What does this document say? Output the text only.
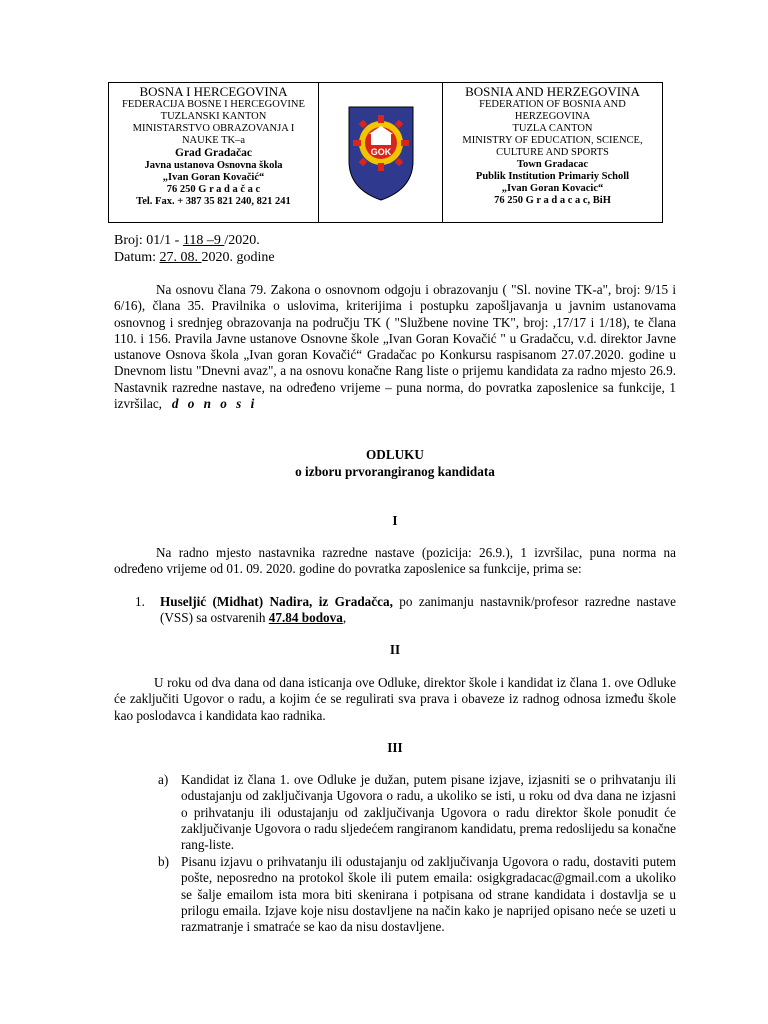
BOSNA I HERCEGOVINA
FEDERACIJA BOSNE I HERCEGOVINE
TUZLANSKI KANTON
MINISTARSTVO OBRAZOVANJA I
NAUKE TK–a
Grad Gradačac
Javna ustanova Osnovna škola
„Ivan Goran Kovačić“
76 250 G r a d a č a c
Tel. Fax. + 387 35 821 240, 821 241
GOK
BOSNIA AND HERZEGOVINA
FEDERATION OF BOSNIA AND
HERZEGOVINA
TUZLA CANTON
MINISTRY OF EDUCATION, SCIENCE,
CULTURE AND SPORTS
Town Gradacac
Publik Institution Primariy Scholl
„Ivan Goran Kovacic“
76 250 G r a d a c a c, BiH
Broj: 01/1 - 118 –9 /2020.
Datum: 27. 08. 2020. godine
Na osnovu člana 79. Zakona o osnovnom odgoju i obrazovanju ( "Sl. novine TK-a", broj: 9/15 i 6/16), člana 35. Pravilnika o uslovima, kriterijima i postupku zapošljavanja u javnim ustanovama osnovnog i srednjeg obrazovanja na području TK ( "Službene novine TK", broj: ,17/17 i 1/18), te člana 110. i 156. Pravila Javne ustanove Osnovne škole „Ivan Goran Kovačić " u Gradačcu, v.d. direktor Javne ustanove Osnova škola „Ivan goran Kovačić“ Gradačac po Konkursu raspisanom 27.07.2020. godine u Dnevnom listu "Dnevni avaz", a na osnovu konačne Rang liste o prijemu kandidata za radno mjesto 26.9. Nastavnik razredne nastave, na određeno vrijeme – puna norma, do povratka zaposlenice sa funkcije, 1 izvršilac, d o n o s i
ODLUKU
o izboru prvorangiranog kandidata
I
Na radno mjesto nastavnika razredne nastave (pozicija: 26.9.), 1 izvršilac, puna norma na određeno vrijeme od 01. 09. 2020. godine do povratka zaposlenice sa funkcije, prima se:
1. Huseljić (Midhat) Nadira, iz Gradačca, po zanimanju nastavnik/profesor razredne nastave (VSS) sa ostvarenih 47.84 bodova,
II
U roku od dva dana od dana isticanja ove Odluke, direktor škole i kandidat iz člana 1. ove Odluke će zaključiti Ugovor o radu, a kojim će se regulirati sva prava i obaveze iz radnog odnosa između škole kao poslodavca i kandidata kao radnika.
III
a) Kandidat iz člana 1. ove Odluke je dužan, putem pisane izjave, izjasniti se o prihvatanju ili odustajanju od zaključivanja Ugovora o radu, a ukoliko se isti, u roku od dva dana ne izjasni o prihvatanju ili odustajanju od zaključivanja Ugovora o radu direktor škole ponudit će zaključivanje Ugovora o radu sljedećem rangiranom kandidatu, prema redoslijedu sa konačne rang-liste.
b) Pisanu izjavu o prihvatanju ili odustajanju od zaključivanja Ugovora o radu, dostaviti putem pošte, neposredno na protokol škole ili putem emaila: osigkgradacac@gmail.com a ukoliko se šalje emailom ista mora biti skenirana i potpisana od strane kandidata i dostavlja se u prilogu emaila. Izjave koje nisu dostavljene na način kako je naprijed opisano neće se uzeti u razmatranje i smatraće se kao da nisu dostavljene.
